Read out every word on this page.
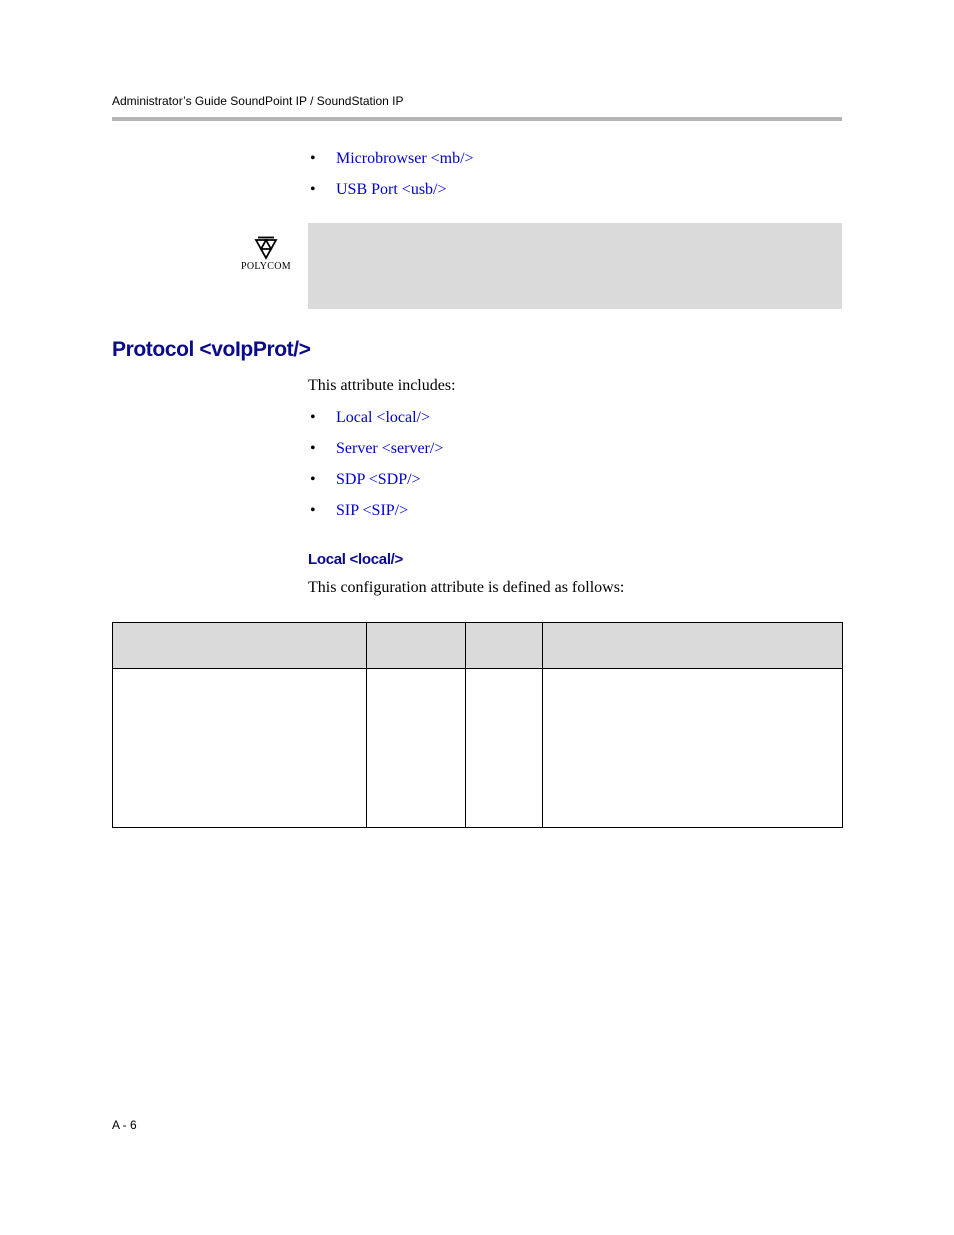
Administrator’s Guide SoundPoint IP / SoundStation IP
• Microbrowser <mb/>
• USB Port <usb/>
POLYCOM
Protocol <voIpProt/>

This attribute includes:

• Local <local/>
• Server <server/>
• SDP <SDP/>
• SIP <SIP/>
Local <local/>

This configuration attribute is defined as follows:

A - 6
